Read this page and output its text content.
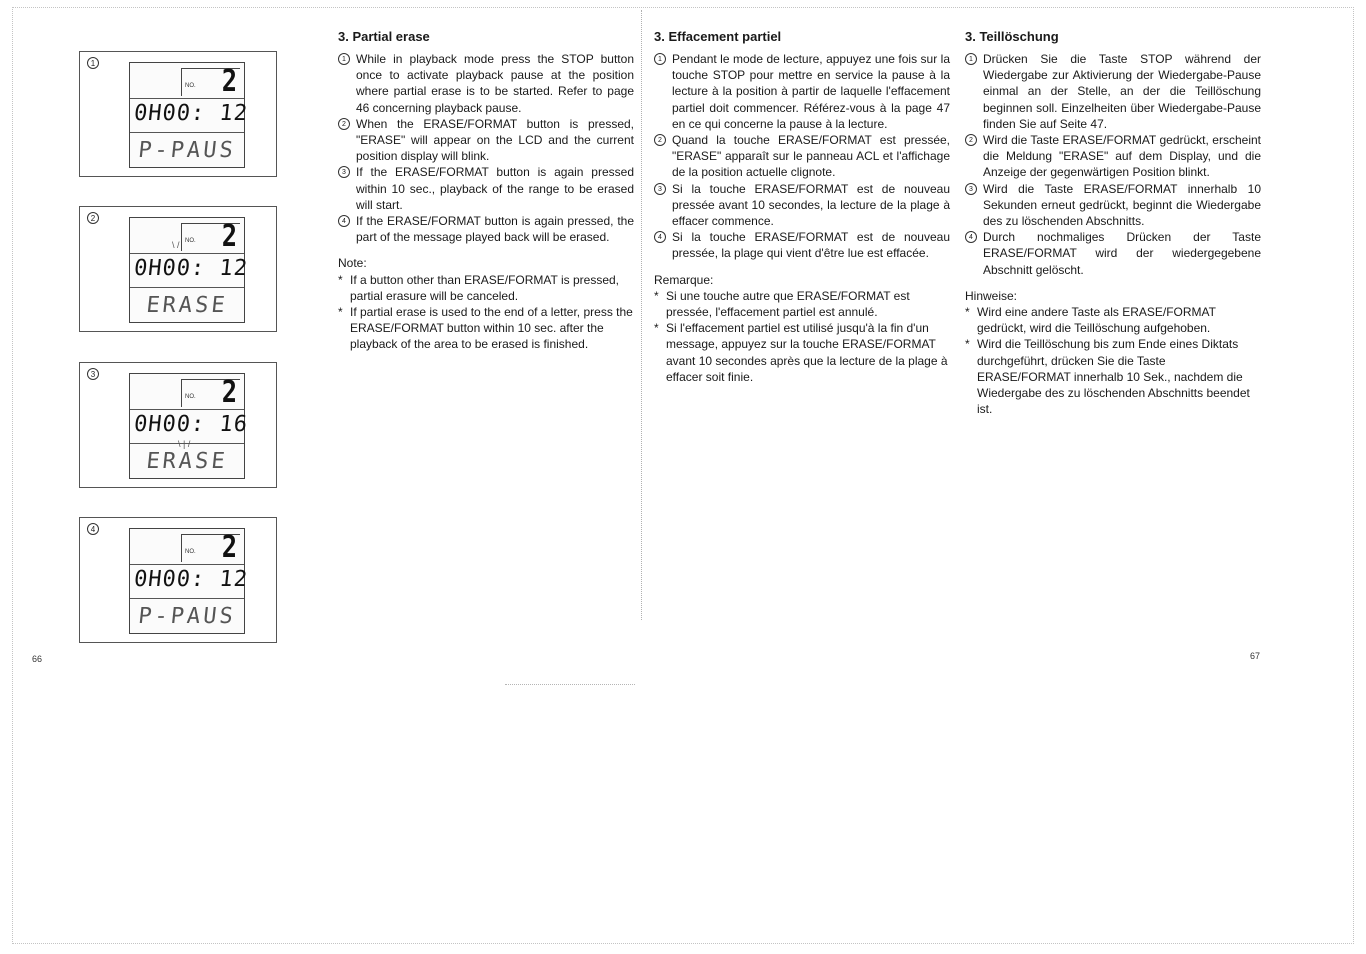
1
NO. 2
0H00: 12
P-PAUS
2
NO. 2
\ /
0H00: 12
ERASE
3
NO. 2
0H00: 16
\ | /
ERASE
4
NO. 2
0H00: 12
P-PAUS
3. Partial erase
1 While in playback mode press the STOP button once to activate playback pause at the position where partial erase is to be started. Refer to page 46 concerning playback pause.
2 When the ERASE/FORMAT button is pressed, "ERASE" will appear on the LCD and the current position display will blink.
3 If the ERASE/FORMAT button is again pressed within 10 sec., playback of the range to be erased will start.
4 If the ERASE/FORMAT button is again pressed, the part of the message played back will be erased.
Note:
* If a button other than ERASE/FORMAT is pressed, partial erasure will be canceled.
* If partial erase is used to the end of a letter, press the ERASE/FORMAT button within 10 sec. after the playback of the area to be erased is finished.
3. Effacement partiel
1 Pendant le mode de lecture, appuyez une fois sur la touche STOP pour mettre en service la pause à la lecture à la position à partir de laquelle l'effacement partiel doit commencer. Référez-vous à la page 47 en ce qui concerne la pause à la lecture.
2 Quand la touche ERASE/FORMAT est pressée, "ERASE" apparaît sur le panneau ACL et l'affichage de la position actuelle clignote.
3 Si la touche ERASE/FORMAT est de nouveau pressée avant 10 secondes, la lecture de la plage à effacer commence.
4 Si la touche ERASE/FORMAT est de nouveau pressée, la plage qui vient d'être lue est effacée.
Remarque:
* Si une touche autre que ERASE/FORMAT est pressée, l'effacement partiel est annulé.
* Si l'effacement partiel est utilisé jusqu'à la fin d'un message, appuyez sur la touche ERASE/FORMAT avant 10 secondes après que la lecture de la plage à effacer soit finie.
3. Teillöschung
1 Drücken Sie die Taste STOP während der Wiedergabe zur Aktivierung der Wiedergabe-Pause einmal an der Stelle, an der die Teillöschung beginnen soll. Einzelheiten über Wiedergabe-Pause finden Sie auf Seite 47.
2 Wird die Taste ERASE/FORMAT gedrückt, erscheint die Meldung "ERASE" auf dem Display, und die Anzeige der gegenwärtigen Position blinkt.
3 Wird die Taste ERASE/FORMAT innerhalb 10 Sekunden erneut gedrückt, beginnt die Wiedergabe des zu löschenden Abschnitts.
4 Durch nochmaliges Drücken der Taste ERASE/FORMAT wird der wiedergegebene Abschnitt gelöscht.
Hinweise:
* Wird eine andere Taste als ERASE/FORMAT gedrückt, wird die Teillöschung aufgehoben.
* Wird die Teillöschung bis zum Ende eines Diktats durchgeführt, drücken Sie die Taste ERASE/FORMAT innerhalb 10 Sek., nachdem die Wiedergabe des zu löschenden Abschnitts beendet ist.
66	67
